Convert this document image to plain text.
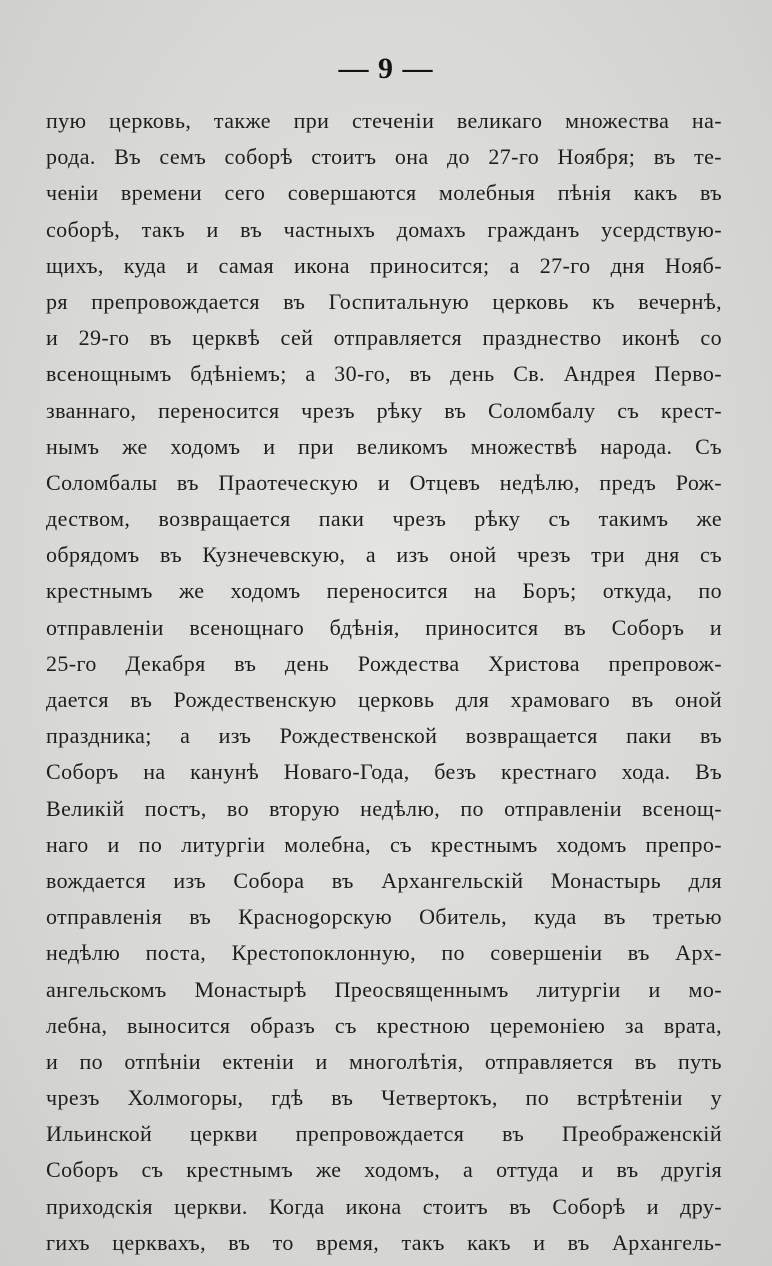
— 9 —
пую церковь, также при стеченіи великаго множества на-
рода. Въ семъ соборѣ стоитъ она до 27-го Ноября; въ те-
ченіи времени сего совершаются молебныя пѣнія какъ въ
соборѣ, такъ и въ частныхъ домахъ гражданъ усердствую-
щихъ, куда и самая икона приносится; а 27-го дня Нояб-
ря препровождается въ Госпитальную церковь къ вечернѣ,
и 29-го въ церквѣ сей отправляется празднество иконѣ со
всенощнымъ бдѣніемъ; а 30-го, въ день Св. Андрея Перво-
званнаго, переносится чрезъ рѣку въ Соломбалу съ крест-
нымъ же ходомъ и при великомъ множествѣ народа. Съ
Соломбалы въ Праотеческую и Отцевъ недѣлю, предъ Рож-
деством, возвращается паки чрезъ рѣку съ такимъ же
обрядомъ въ Кузнечевскую, а изъ оной чрезъ три дня съ
крестнымъ же ходомъ переносится на Боръ; откуда, по
отправленіи всенощнаго бдѣнія, приносится въ Соборъ и
25-го Декабря въ день Рождества Христова препровож-
дается въ Рождественскую церковь для храмоваго въ оной
праздника; а изъ Рождественской возвращается паки въ
Соборъ на канунѣ Новаго-Года, безъ крестнаго хода. Въ
Великій постъ, во вторую недѣлю, по отправленіи всенощ-
наго и по литургіи молебна, съ крестнымъ ходомъ препро-
вождается изъ Собора въ Архангельскій Монастырь для
отправленія въ Краснogорскую Обитель, куда въ третью
недѣлю поста, Крестопоклонную, по совершеніи въ Арх-
ангельскомъ Монастырѣ Преосвященнымъ литургіи и мо-
лебна, выносится образъ съ крестною церемоніею за врата,
и по отпѣніи ектеніи и многолѣтія, отправляется въ путь
чрезъ Холмогоры, гдѣ въ Четвертокъ, по встрѣтеніи у
Ильинской церкви препровождается въ Преображенскій
Соборъ съ крестнымъ же ходомъ, а оттуда и въ другія
приходскія церкви. Когда икона стоитъ въ Соборѣ и дру-
гихъ церквахъ, въ то время, такъ какъ и въ Архангель-
